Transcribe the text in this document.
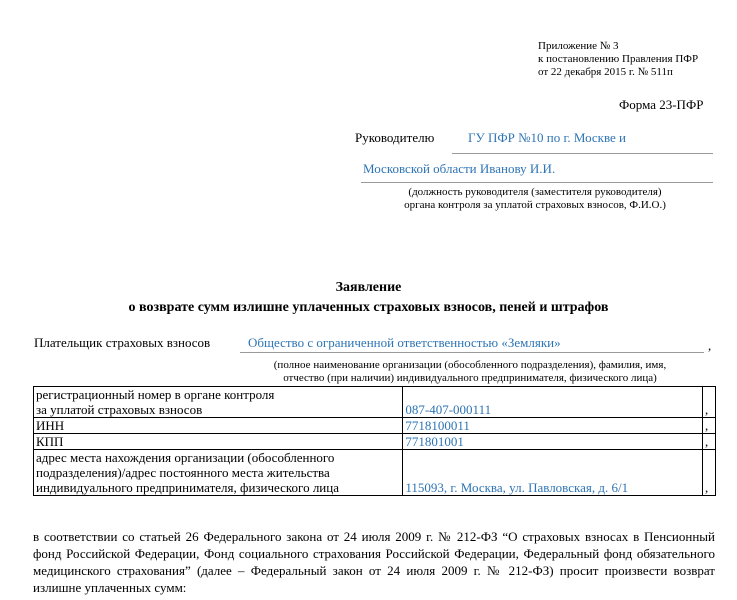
Приложение № 3
к постановлению Правления ПФР
от 22 декабря 2015 г. № 511п
Форма 23-ПФР
Руководителю	ГУ ПФР №10 по г. Москве и
Московской области Иванову И.И.
(должность руководителя (заместителя руководителя)
органа контроля за уплатой страховых взносов, Ф.И.О.)
Заявление
о возврате сумм излишне уплаченных страховых взносов, пеней и штрафов
Плательщик страховых взносов	Общество с ограниченной ответственностью «Земляки»	,
(полное наименование организации (обособленного подразделения), фамилия, имя,
отчество (при наличии) индивидуального предпринимателя, физического лица)
регистрационный номер в органе контроля
за уплатой страховых взносов	087-407-000111	,
ИНН	7718100011	,
КПП	771801001	,

адрес места нахождения организации (обособленного
подразделения)/адрес постоянного места жительства
индивидуального предпринимателя, физического лица	115093, г. Москва, ул. Павловская, д. 6/1	,
в соответствии со статьей 26 Федерального закона от 24 июля 2009 г. № 212-ФЗ “О страховых взносах в Пенсионный фонд Российской Федерации, Фонд социального страхования Российской Федерации, Федеральный фонд обязательного медицинского страхования” (далее – Федеральный закон от 24 июля 2009 г. № 212-ФЗ) просит произвести возврат излишне уплаченных сумм:
